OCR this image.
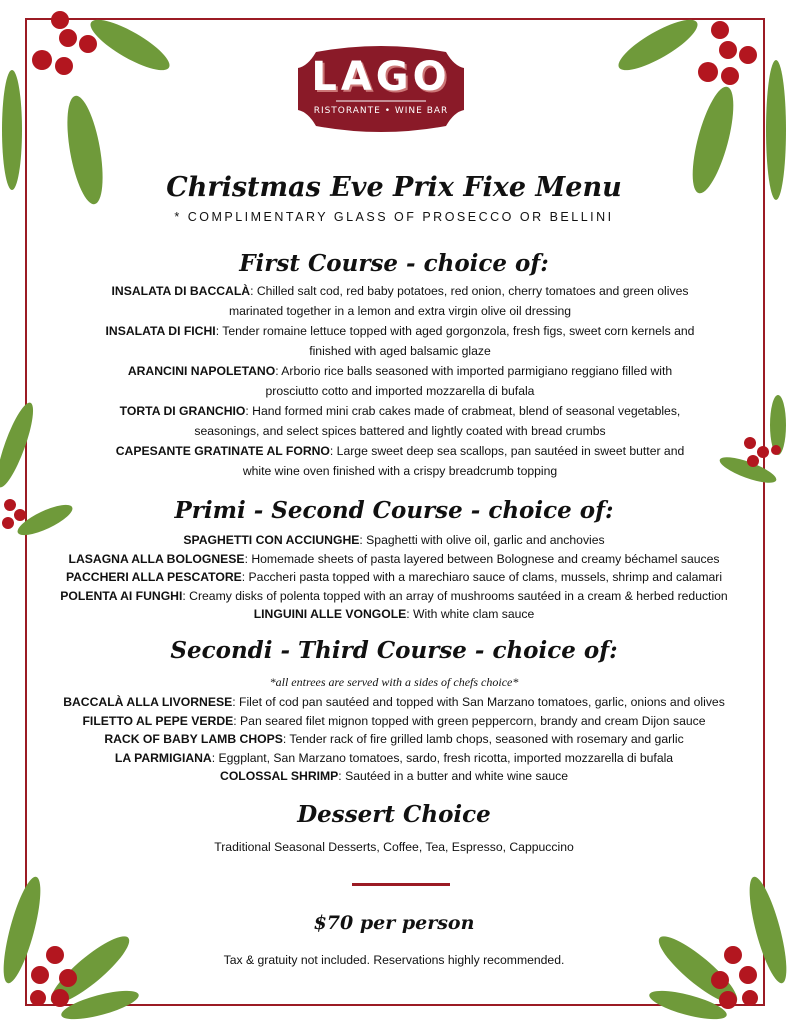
LAGO
RISTORANTE • WINE BAR
Christmas Eve Prix Fixe Menu
* COMPLIMENTARY GLASS OF PROSECCO OR BELLINI
First Course - choice of:
INSALATA DI BACCALÀ: Chilled salt cod, red baby potatoes, red onion, cherry tomatoes and green olives marinated together in a lemon and extra virgin olive oil dressing
INSALATA DI FICHI: Tender romaine lettuce topped with aged gorgonzola, fresh figs, sweet corn kernels and finished with aged balsamic glaze
ARANCINI NAPOLETANO: Arborio rice balls seasoned with imported parmigiano reggiano filled with prosciutto cotto and imported mozzarella di bufala
TORTA DI GRANCHIO: Hand formed mini crab cakes made of crabmeat, blend of seasonal vegetables, seasonings, and select spices battered and lightly coated with bread crumbs
CAPESANTE GRATINATE AL FORNO: Large sweet deep sea scallops, pan sautéed in sweet butter and white wine oven finished with a crispy breadcrumb topping
Primi - Second Course - choice of:
SPAGHETTI CON ACCIUNGHE: Spaghetti with olive oil, garlic and anchovies
LASAGNA ALLA BOLOGNESE: Homemade sheets of pasta layered between Bolognese and creamy béchamel sauces
PACCHERI ALLA PESCATORE: Paccheri pasta topped with a marechiaro sauce of clams, mussels, shrimp and calamari
POLENTA AI FUNGHI: Creamy disks of polenta topped with an array of mushrooms sautéed in a cream & herbed reduction
LINGUINI ALLE VONGOLE: With white clam sauce
Secondi - Third Course - choice of:
*all entrees are served with a sides of chefs choice*
BACCALÀ ALLA LIVORNESE: Filet of cod pan sautéed and topped with San Marzano tomatoes, garlic, onions and olives
FILETTO AL PEPE VERDE: Pan seared filet mignon topped with green peppercorn, brandy and cream Dijon sauce
RACK OF BABY LAMB CHOPS: Tender rack of fire grilled lamb chops, seasoned with rosemary and garlic
LA PARMIGIANA: Eggplant, San Marzano tomatoes, sardo, fresh ricotta, imported mozzarella di bufala
COLOSSAL SHRIMP: Sautéed in a butter and white wine sauce
Dessert Choice
Traditional Seasonal Desserts, Coffee, Tea, Espresso, Cappuccino
$70 per person
Tax & gratuity not included. Reservations highly recommended.
